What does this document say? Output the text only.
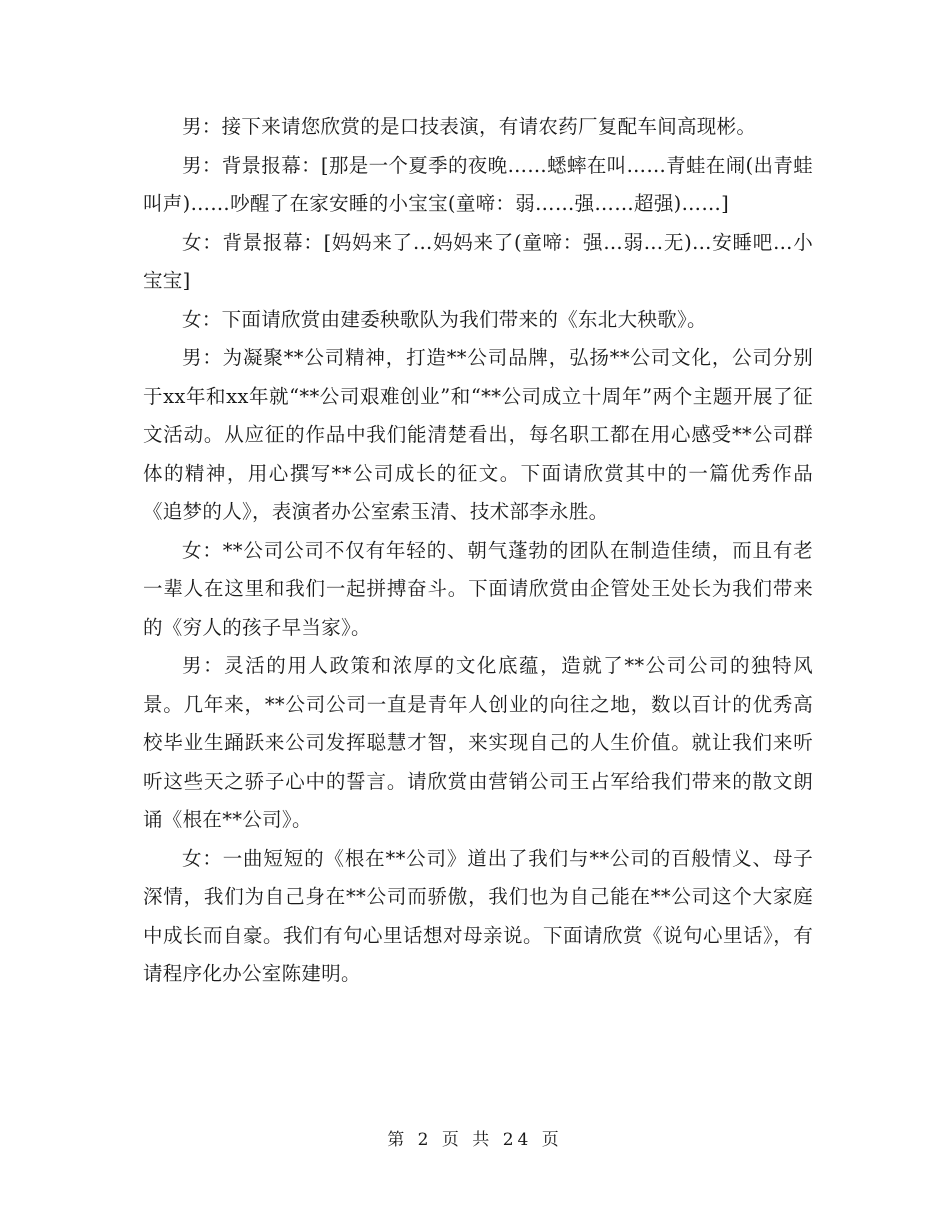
男：接下来请您欣赏的是口技表演，有请农药厂复配车间高现彬。

男：背景报幕：[那是一个夏季的夜晚……蟋蟀在叫……青蛙在闹(出青蛙叫声)……吵醒了在家安睡的小宝宝(童啼：弱……强……超强)……]

女：背景报幕：[妈妈来了…妈妈来了(童啼：强…弱…无)…安睡吧…小宝宝]

女：下面请欣赏由建委秧歌队为我们带来的《东北大秧歌》。

男：为凝聚**公司精神，打造**公司品牌，弘扬**公司文化，公司分别于xx年和xx年就“**公司艰难创业”和“**公司成立十周年”两个主题开展了征文活动。从应征的作品中我们能清楚看出，每名职工都在用心感受**公司群体的精神，用心撰写**公司成长的征文。下面请欣赏其中的一篇优秀作品《追梦的人》，表演者办公室索玉清、技术部李永胜。

女：**公司公司不仅有年轻的、朝气蓬勃的团队在制造佳绩，而且有老一辈人在这里和我们一起拼搏奋斗。下面请欣赏由企管处王处长为我们带来的《穷人的孩子早当家》。

男：灵活的用人政策和浓厚的文化底蕴，造就了**公司公司的独特风景。几年来，**公司公司一直是青年人创业的向往之地，数以百计的优秀高校毕业生踊跃来公司发挥聪慧才智，来实现自己的人生价值。就让我们来听听这些天之骄子心中的誓言。请欣赏由营销公司王占军给我们带来的散文朗诵《根在**公司》。

女：一曲短短的《根在**公司》道出了我们与**公司的百般情义、母子深情，我们为自己身在**公司而骄傲，我们也为自己能在**公司这个大家庭中成长而自豪。我们有句心里话想对母亲说。下面请欣赏《说句心里话》，有请程序化办公室陈建明。

第 2 页 共 24 页
